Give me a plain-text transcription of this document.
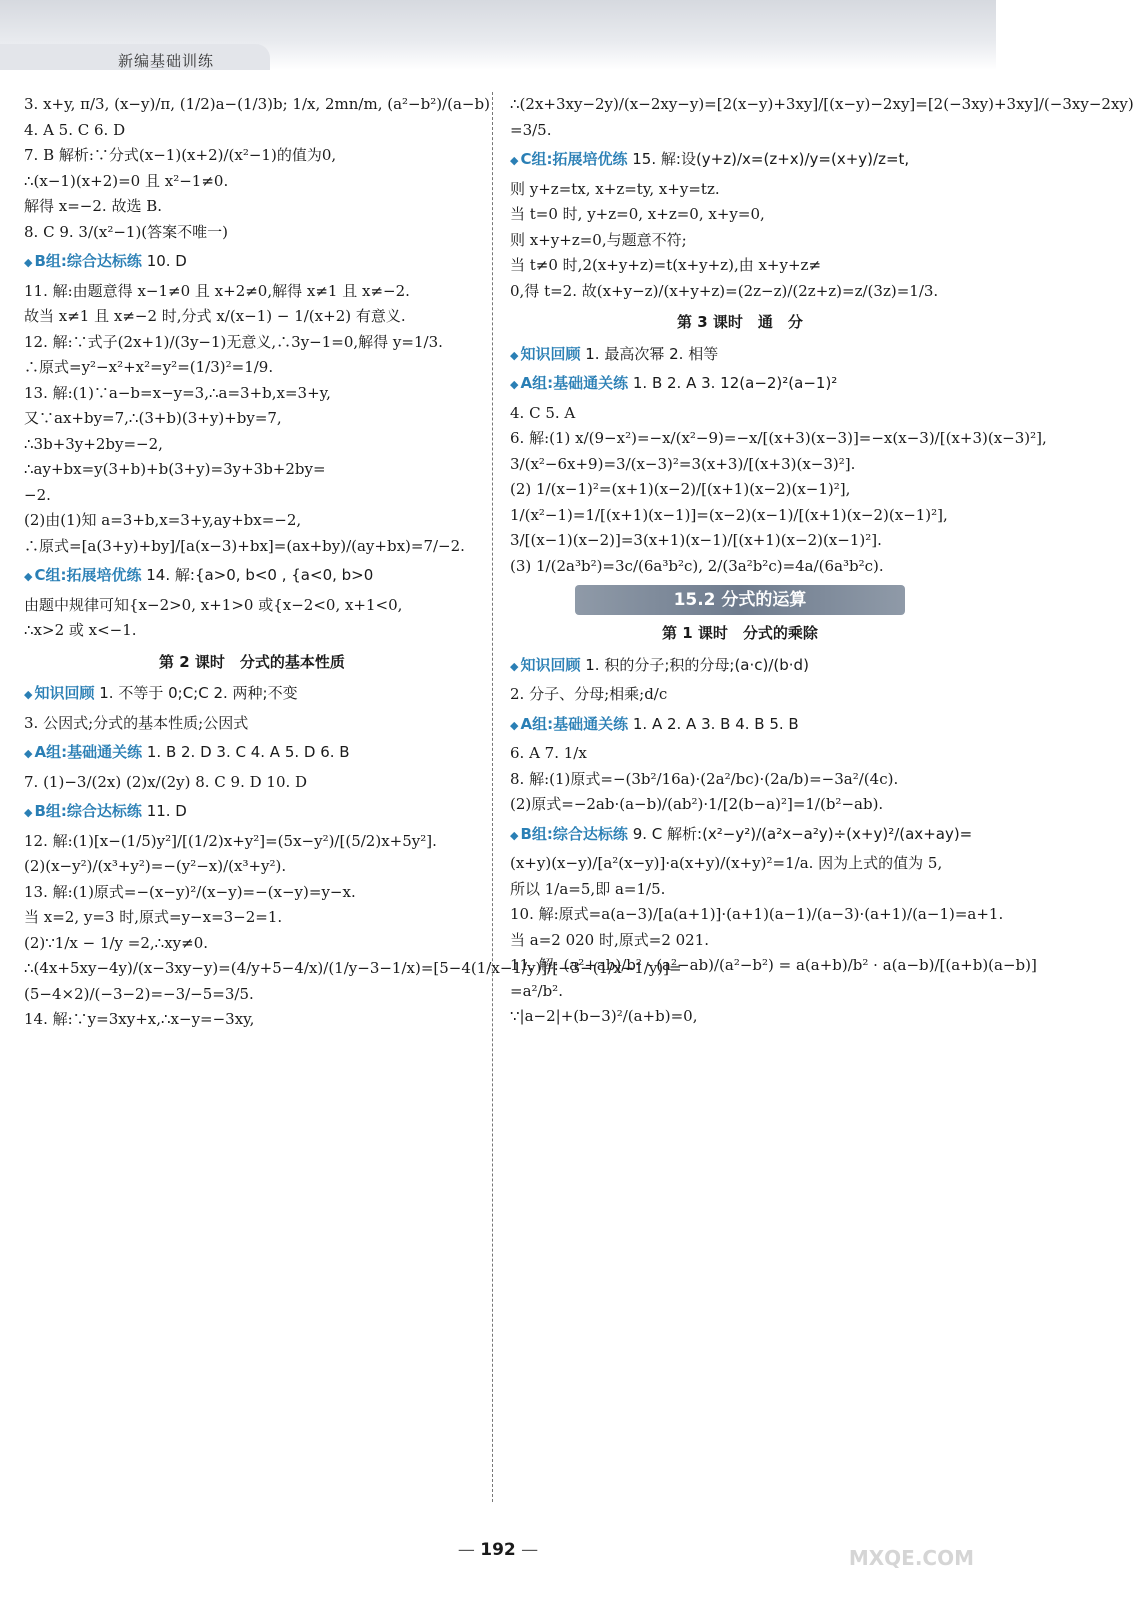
新编基础训练

3. x+y, π/3, (x−y)/π, (1/2)a−(1/3)b; 1/x, 2mn/m, (a²−b²)/(a−b)

4. A 5. C 6. D

7. B 解析:∵分式(x−1)(x+2)/(x²−1)的值为0,

∴(x−1)(x+2)=0 且 x²−1≠0.

解得 x=−2. 故选 B.

8. C 9. 3/(x²−1)(答案不唯一)

◆ B组:综合达标练 10. D

11. 解:由题意得 x−1≠0 且 x+2≠0,解得 x≠1 且 x≠−2.

故当 x≠1 且 x≠−2 时,分式 x/(x−1) − 1/(x+2) 有意义.

12. 解:∵式子(2x+1)/(3y−1)无意义,∴3y−1=0,解得 y=1/3.

∴原式=y²−x²+x²=y²=(1/3)²=1/9.

13. 解:(1)∵a−b=x−y=3,∴a=3+b,x=3+y,

又∵ax+by=7,∴(3+b)(3+y)+by=7,

∴3b+3y+2by=−2,

∴ay+bx=y(3+b)+b(3+y)=3y+3b+2by=

−2.

(2)由(1)知 a=3+b,x=3+y,ay+bx=−2,

∴原式=[a(3+y)+by]/[a(x−3)+bx]=(ax+by)/(ay+bx)=7/−2.

◆ C组:拓展培优练 14. 解:{a>0, b<0 , {a<0, b>0

由题中规律可知{x−2>0, x+1>0 或{x−2<0, x+1<0,

∴x>2 或 x<−1.

第 2 课时　分式的基本性质
◆ 知识回顾 1. 不等于 0;C;C 2. 两种;不变

3. 公因式;分式的基本性质;公因式

◆ A组:基础通关练 1. B 2. D 3. C 4. A 5. D 6. B

7. (1)−3/(2x) (2)x/(2y) 8. C 9. D 10. D

◆ B组:综合达标练 11. D

12. 解:(1)[x−(1/5)y²]/[(1/2)x+y²]=(5x−y²)/[(5/2)x+5y²].

(2)(x−y²)/(x³+y²)=−(y²−x)/(x³+y²).

13. 解:(1)原式=−(x−y)²/(x−y)=−(x−y)=y−x.

当 x=2, y=3 时,原式=y−x=3−2=1.

(2)∵1/x − 1/y =2,∴xy≠0.

∴(4x+5xy−4y)/(x−3xy−y)=(4/y+5−4/x)/(1/y−3−1/x)=[5−4(1/x−1/y)]/[−3−(1/x−1/y)]=

(5−4×2)/(−3−2)=−3/−5=3/5.

14. 解:∵y=3xy+x,∴x−y=−3xy,

∴(2x+3xy−2y)/(x−2xy−y)=[2(x−y)+3xy]/[(x−y)−2xy]=[2(−3xy)+3xy]/(−3xy−2xy)

=3/5.

◆ C组:拓展培优练 15. 解:设(y+z)/x=(z+x)/y=(x+y)/z=t,

则 y+z=tx, x+z=ty, x+y=tz.

当 t=0 时, y+z=0, x+z=0, x+y=0,

则 x+y+z=0,与题意不符;

当 t≠0 时,2(x+y+z)=t(x+y+z),由 x+y+z≠

0,得 t=2. 故(x+y−z)/(x+y+z)=(2z−z)/(2z+z)=z/(3z)=1/3.

第 3 课时　通　分
◆ 知识回顾 1. 最高次幂 2. 相等
◆ A组:基础通关练 1. B 2. A 3. 12(a−2)²(a−1)²

4. C 5. A

6. 解:(1) x/(9−x²)=−x/(x²−9)=−x/[(x+3)(x−3)]=−x(x−3)/[(x+3)(x−3)²],

3/(x²−6x+9)=3/(x−3)²=3(x+3)/[(x+3)(x−3)²].

(2) 1/(x−1)²=(x+1)(x−2)/[(x+1)(x−2)(x−1)²],

1/(x²−1)=1/[(x+1)(x−1)]=(x−2)(x−1)/[(x+1)(x−2)(x−1)²],

3/[(x−1)(x−2)]=3(x+1)(x−1)/[(x+1)(x−2)(x−1)²].

(3) 1/(2a³b²)=3c/(6a³b²c), 2/(3a²b²c)=4a/(6a³b²c).

15.2 分式的运算
第 1 课时　分式的乘除
◆ 知识回顾 1. 积的分子;积的分母;(a·c)/(b·d)

2. 分子、分母;相乘;d/c

◆ A组:基础通关练 1. A 2. A 3. B 4. B 5. B

6. A 7. 1/x

8. 解:(1)原式=−(3b²/16a)·(2a²/bc)·(2a/b)=−3a²/(4c).

(2)原式=−2ab·(a−b)/(ab²)·1/[2(b−a)²]=1/(b²−ab).

◆ B组:综合达标练 9. C 解析:(x²−y²)/(a²x−a²y)÷(x+y)²/(ax+ay)=

(x+y)(x−y)/[a²(x−y)]·a(x+y)/(x+y)²=1/a. 因为上式的值为 5,

所以 1/a=5,即 a=1/5.

10. 解:原式=a(a−3)/[a(a+1)]·(a+1)(a−1)/(a−3)·(a+1)/(a−1)=a+1.

当 a=2 020 时,原式=2 021.

11. 解: (a²+ab)/b² · (a²−ab)/(a²−b²) = a(a+b)/b² · a(a−b)/[(a+b)(a−b)]

=a²/b².

∵|a−2|+(b−3)²/(a+b)=0,

— 192 —	MXQE.COM
